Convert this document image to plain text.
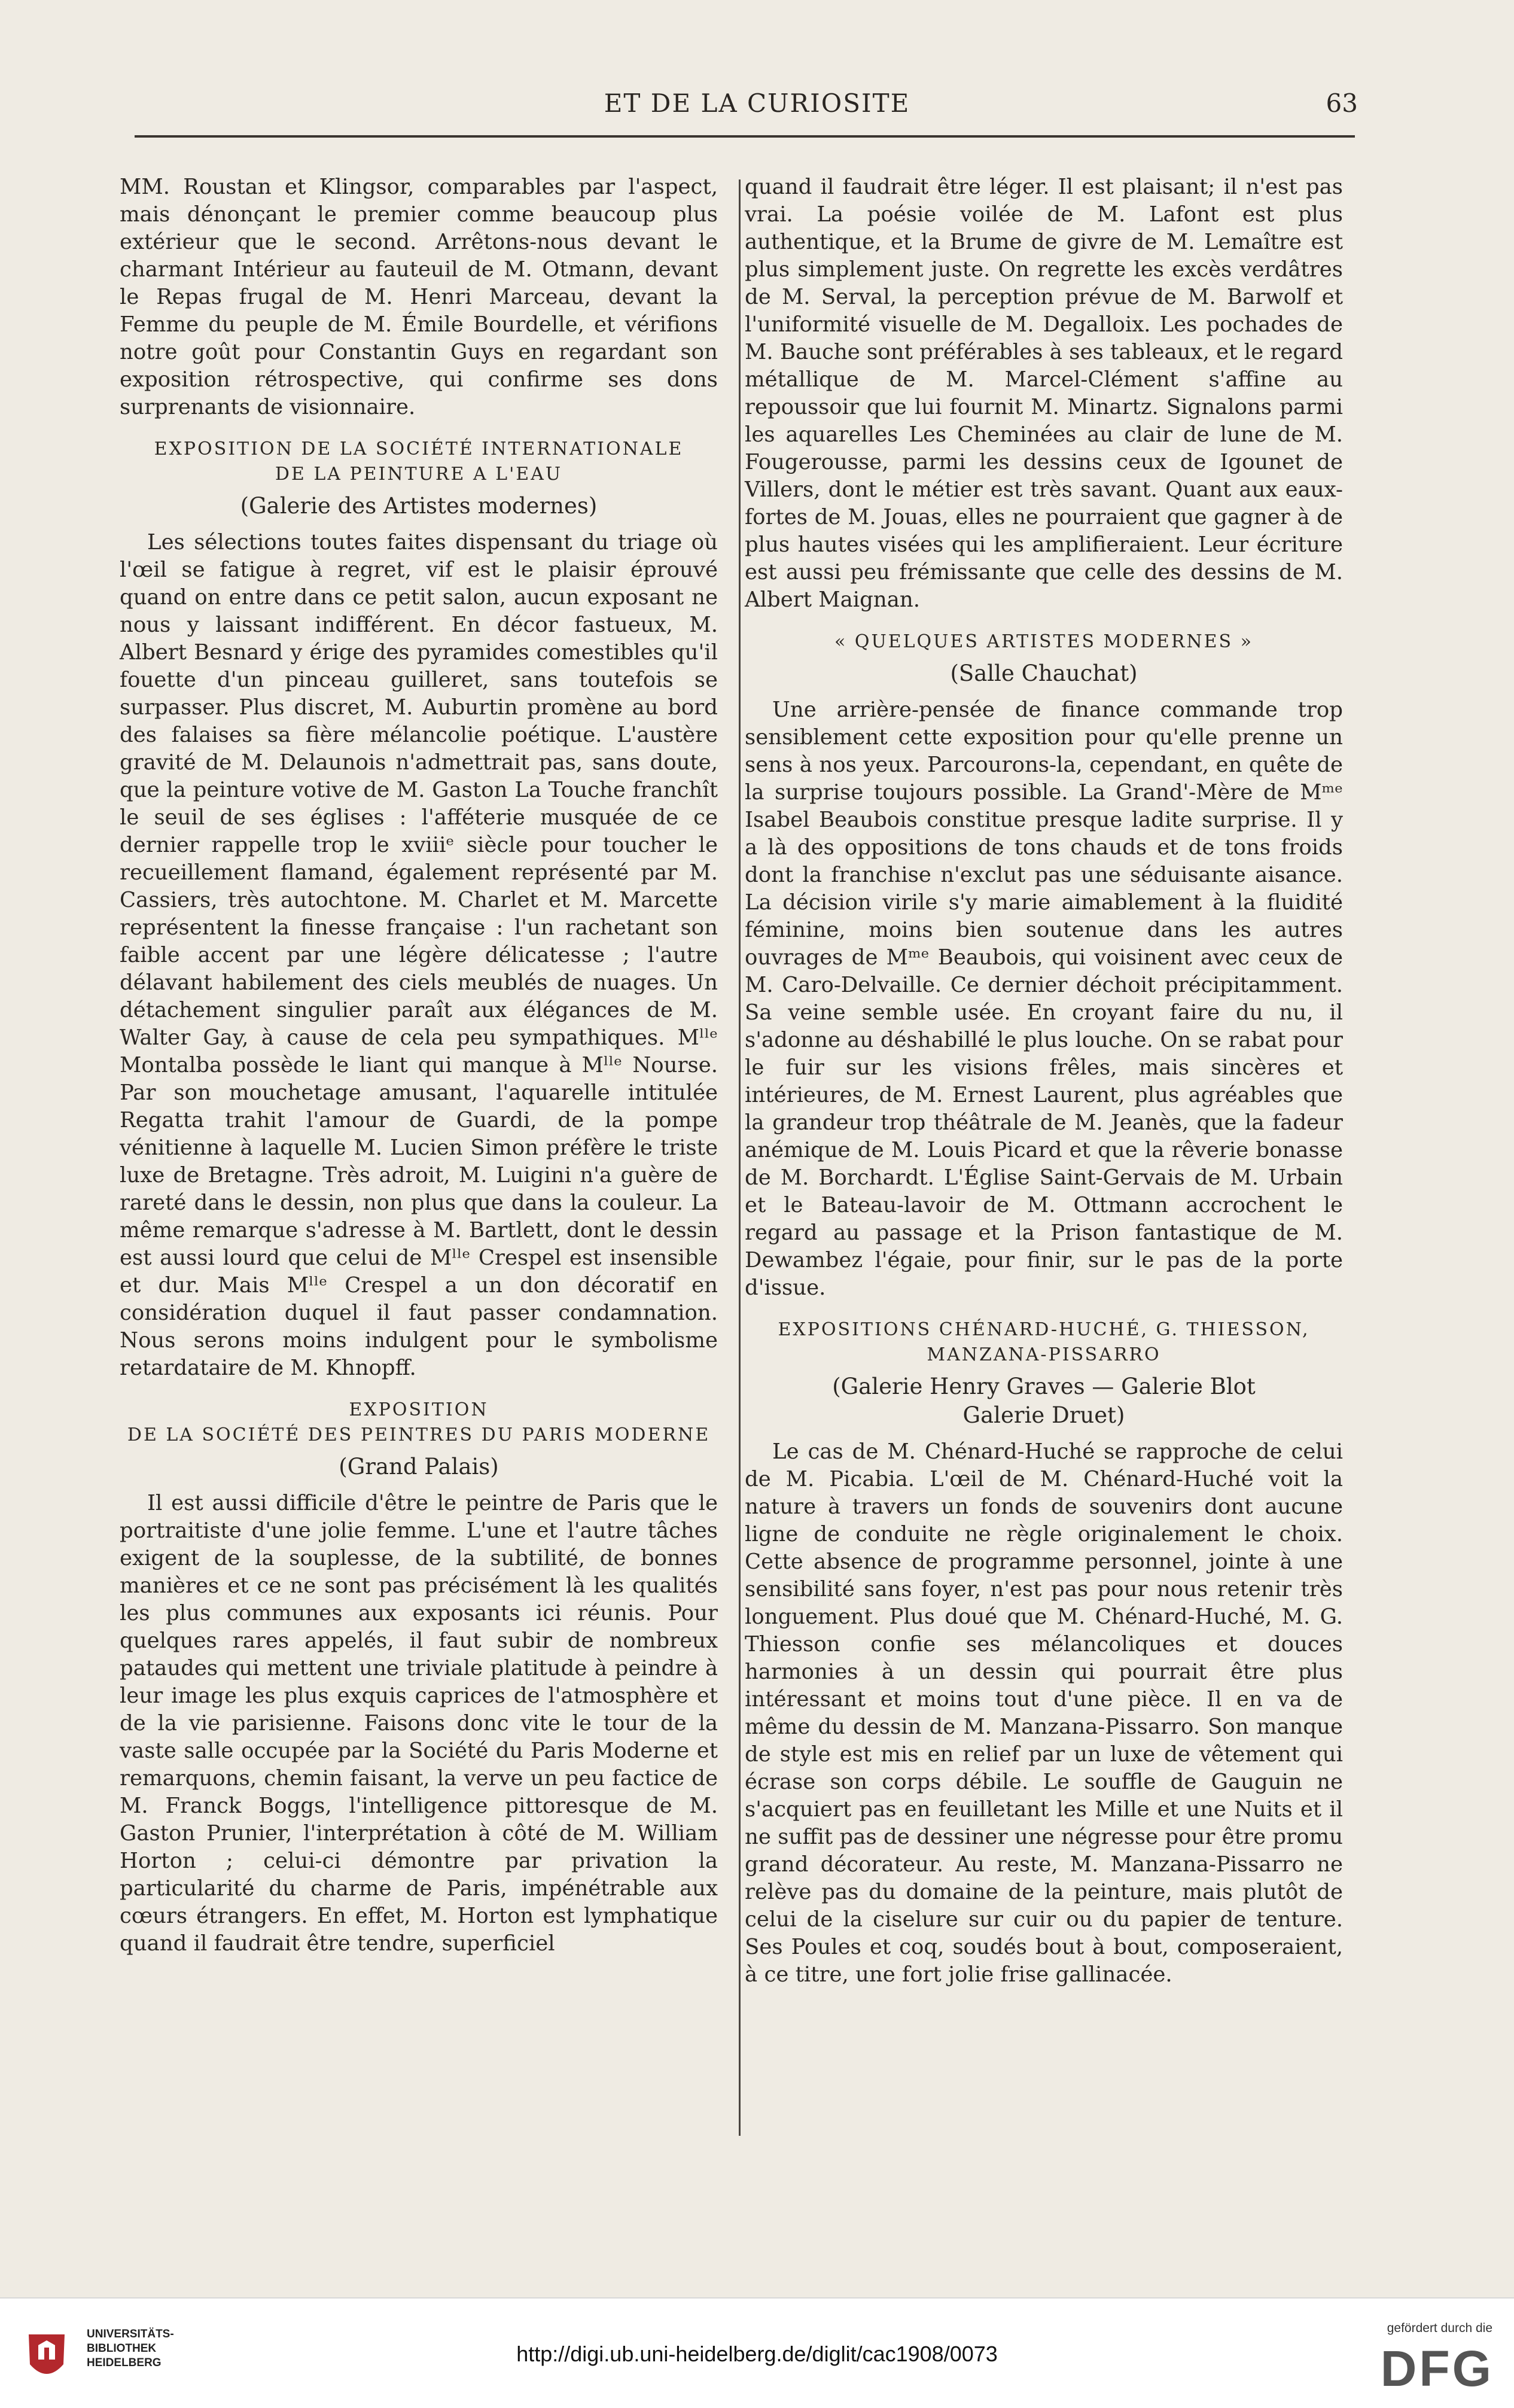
ET DE LA CURIOSITE	63

MM. Roustan et Klingsor, comparables par l'aspect, mais dénonçant le premier comme beaucoup plus extérieur que le second. Arrêtons-nous devant le charmant Intérieur au fauteuil de M. Otmann, devant le Repas frugal de M. Henri Marceau, devant la Femme du peuple de M. Émile Bourdelle, et vérifions notre goût pour Constantin Guys en regardant son exposition rétrospective, qui confirme ses dons surprenants de visionnaire.

EXPOSITION DE LA SOCIÉTÉ INTERNATIONALE
DE LA PEINTURE A L'EAU
(Galerie des Artistes modernes)

Les sélections toutes faites dispensant du triage où l'œil se fatigue à regret, vif est le plaisir éprouvé quand on entre dans ce petit salon, aucun exposant ne nous y laissant indifférent. En décor fastueux, M. Albert Besnard y érige des pyramides comestibles qu'il fouette d'un pinceau guilleret, sans toutefois se surpasser. Plus discret, M. Auburtin promène au bord des falaises sa fière mélancolie poétique. L'austère gravité de M. Delaunois n'admettrait pas, sans doute, que la peinture votive de M. Gaston La Touche franchît le seuil de ses églises : l'afféterie musquée de ce dernier rappelle trop le xviiiᵉ siècle pour toucher le recueillement flamand, également représenté par M. Cassiers, très autochtone. M. Charlet et M. Marcette représentent la finesse française : l'un rachetant son faible accent par une légère délicatesse ; l'autre délavant habilement des ciels meublés de nuages. Un détachement singulier paraît aux élégances de M. Walter Gay, à cause de cela peu sympathiques. Mˡˡᵉ Montalba possède le liant qui manque à Mˡˡᵉ Nourse. Par son mouchetage amusant, l'aquarelle intitulée Regatta trahit l'amour de Guardi, de la pompe vénitienne à laquelle M. Lucien Simon préfère le triste luxe de Bretagne. Très adroit, M. Luigini n'a guère de rareté dans le dessin, non plus que dans la couleur. La même remarque s'adresse à M. Bartlett, dont le dessin est aussi lourd que celui de Mˡˡᵉ Crespel est insensible et dur. Mais Mˡˡᵉ Crespel a un don décoratif en considération duquel il faut passer condamnation. Nous serons moins indulgent pour le symbolisme retardataire de M. Khnopff.

EXPOSITION
DE LA SOCIÉTÉ DES PEINTRES DU PARIS MODERNE
(Grand Palais)

Il est aussi difficile d'être le peintre de Paris que le portraitiste d'une jolie femme. L'une et l'autre tâches exigent de la souplesse, de la subtilité, de bonnes manières et ce ne sont pas précisément là les qualités les plus communes aux exposants ici réunis. Pour quelques rares appelés, il faut subir de nombreux pataudes qui mettent une triviale platitude à peindre à leur image les plus exquis caprices de l'atmosphère et de la vie parisienne. Faisons donc vite le tour de la vaste salle occupée par la Société du Paris Moderne et remarquons, chemin faisant, la verve un peu factice de M. Franck Boggs, l'intelligence pittoresque de M. Gaston Prunier, l'interprétation à côté de M. William Horton ; celui-ci démontre par privation la particularité du charme de Paris, impénétrable aux cœurs étrangers. En effet, M. Horton est lymphatique quand il faudrait être tendre, superficiel

quand il faudrait être léger. Il est plaisant; il n'est pas vrai. La poésie voilée de M. Lafont est plus authentique, et la Brume de givre de M. Lemaître est plus simplement juste. On regrette les excès verdâtres de M. Serval, la perception prévue de M. Barwolf et l'uniformité visuelle de M. Degalloix. Les pochades de M. Bauche sont préférables à ses tableaux, et le regard métallique de M. Marcel-Clément s'affine au repoussoir que lui fournit M. Minartz. Signalons parmi les aquarelles Les Cheminées au clair de lune de M. Fougerousse, parmi les dessins ceux de Igounet de Villers, dont le métier est très savant. Quant aux eaux-fortes de M. Jouas, elles ne pourraient que gagner à de plus hautes visées qui les amplifieraient. Leur écriture est aussi peu frémissante que celle des dessins de M. Albert Maignan.

« QUELQUES ARTISTES MODERNES »
(Salle Chauchat)

Une arrière-pensée de finance commande trop sensiblement cette exposition pour qu'elle prenne un sens à nos yeux. Parcourons-la, cependant, en quête de la surprise toujours possible. La Grand'-Mère de Mᵐᵉ Isabel Beaubois constitue presque ladite surprise. Il y a là des oppositions de tons chauds et de tons froids dont la franchise n'exclut pas une séduisante aisance. La décision virile s'y marie aimablement à la fluidité féminine, moins bien soutenue dans les autres ouvrages de Mᵐᵉ Beaubois, qui voisinent avec ceux de M. Caro-Delvaille. Ce dernier déchoit précipitamment. Sa veine semble usée. En croyant faire du nu, il s'adonne au déshabillé le plus louche. On se rabat pour le fuir sur les visions frêles, mais sincères et intérieures, de M. Ernest Laurent, plus agréables que la grandeur trop théâtrale de M. Jeanès, que la fadeur anémique de M. Louis Picard et que la rêverie bonasse de M. Borchardt. L'Église Saint-Gervais de M. Urbain et le Bateau-lavoir de M. Ottmann accrochent le regard au passage et la Prison fantastique de M. Dewambez l'égaie, pour finir, sur le pas de la porte d'issue.

EXPOSITIONS CHÉNARD-HUCHÉ, G. THIESSON,
MANZANA-PISSARRO
(Galerie Henry Graves — Galerie Blot
Galerie Druet)

Le cas de M. Chénard-Huché se rapproche de celui de M. Picabia. L'œil de M. Chénard-Huché voit la nature à travers un fonds de souvenirs dont aucune ligne de conduite ne règle originalement le choix. Cette absence de programme personnel, jointe à une sensibilité sans foyer, n'est pas pour nous retenir très longuement. Plus doué que M. Chénard-Huché, M. G. Thiesson confie ses mélancoliques et douces harmonies à un dessin qui pourrait être plus intéressant et moins tout d'une pièce. Il en va de même du dessin de M. Manzana-Pissarro. Son manque de style est mis en relief par un luxe de vêtement qui écrase son corps débile. Le souffle de Gauguin ne s'acquiert pas en feuilletant les Mille et une Nuits et il ne suffit pas de dessiner une négresse pour être promu grand décorateur. Au reste, M. Manzana-Pissarro ne relève pas du domaine de la peinture, mais plutôt de celui de la ciselure sur cuir ou du papier de tenture. Ses Poules et coq, soudés bout à bout, composeraient, à ce titre, une fort jolie frise gallinacée.

UNIVERSITÄTS-
BIBLIOTHEK
HEIDELBERG	http://digi.ub.uni-heidelberg.de/diglit/cac1908/0073
gefördert durch die
DFG
